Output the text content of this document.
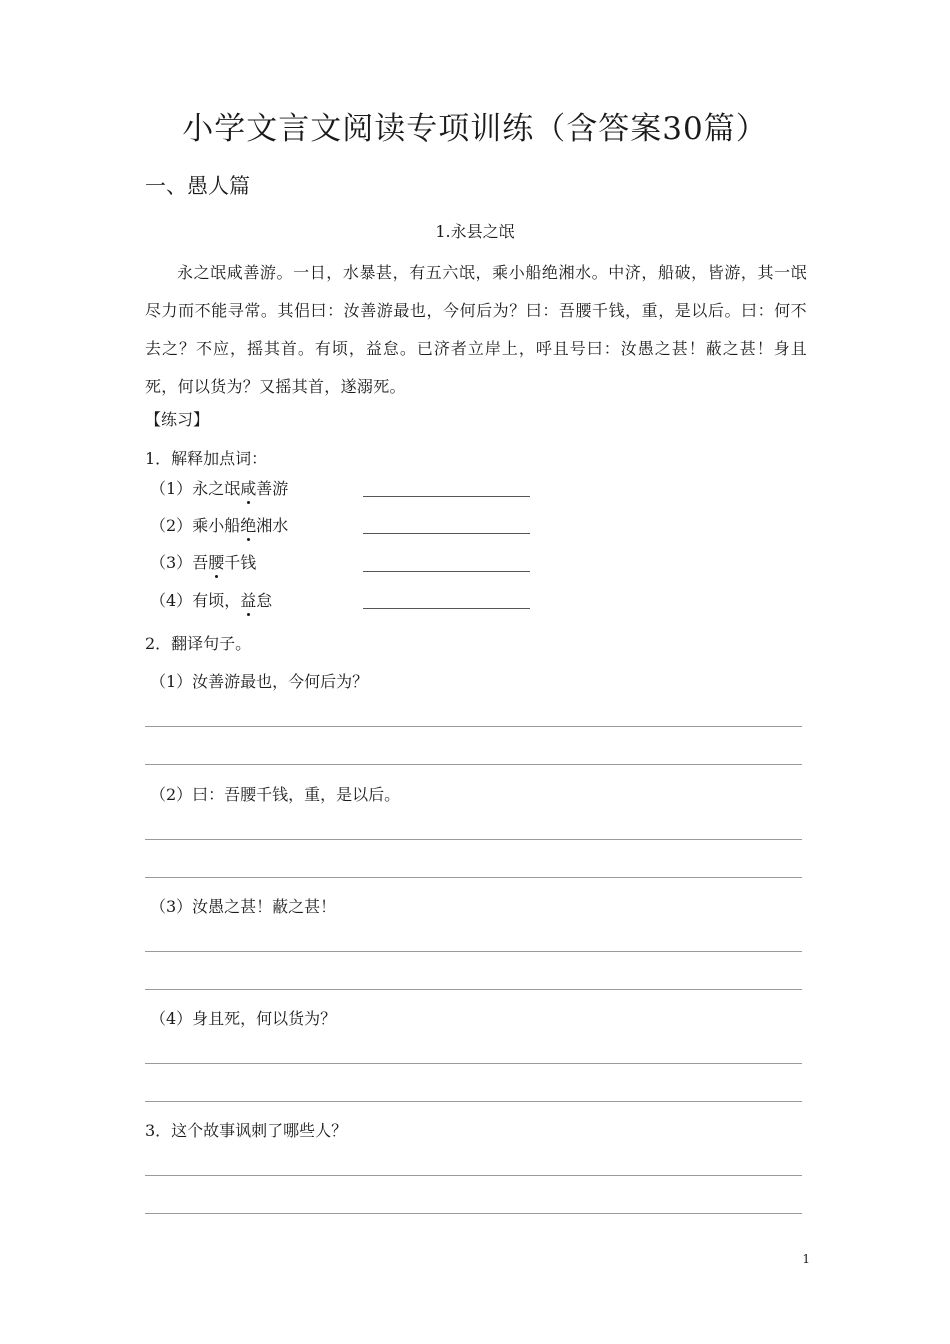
小学文言文阅读专项训练（含答案30篇）
一、愚人篇
1.永县之氓
永之氓咸善游。一日，水暴甚，有五六氓，乘小船绝湘水。中济，船破，皆游，其一氓尽力而不能寻常。其侣曰：汝善游最也，今何后为？曰：吾腰千钱，重，是以后。曰：何不去之？不应，摇其首。有顷，益怠。已济者立岸上，呼且号曰：汝愚之甚！蔽之甚！身且死，何以货为？又摇其首，遂溺死。
【练习】
1．解释加点词：
（1）永之氓咸善游
（2）乘小船绝湘水
（3）吾腰千钱
（4）有顷，益怠
2．翻译句子。
（1）汝善游最也，今何后为？
（2）曰：吾腰千钱，重，是以后。
（3）汝愚之甚！蔽之甚！
（4）身且死，何以货为？
3．这个故事讽刺了哪些人？
1
